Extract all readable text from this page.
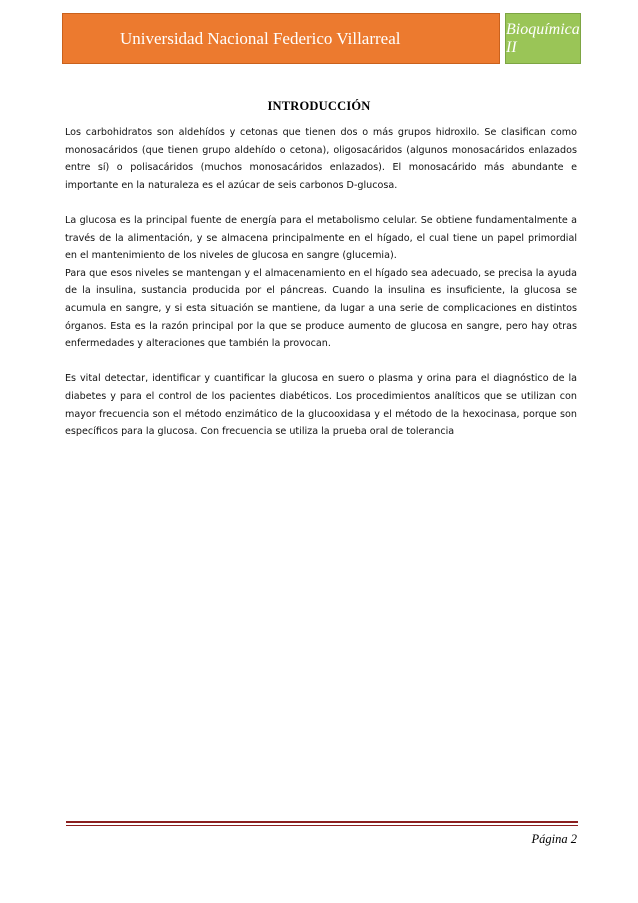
Universidad Nacional Federico Villarreal	Bioquímica II
INTRODUCCIÓN

Los carbohidratos son aldehídos y cetonas que tienen dos o más grupos hidroxilo. Se clasifican como monosacáridos (que tienen grupo aldehído o cetona), oligosacáridos (algunos monosacáridos enlazados entre sí) o polisacáridos (muchos monosacáridos enlazados). El monosacárido más abundante e importante en la naturaleza es el azúcar de seis carbonos D-glucosa.

La glucosa es la principal fuente de energía para el metabolismo celular. Se obtiene fundamentalmente a través de la alimentación, y se almacena principalmente en el hígado, el cual tiene un papel primordial en el mantenimiento de los niveles de glucosa en sangre (glucemia).

Para que esos niveles se mantengan y el almacenamiento en el hígado sea adecuado, se precisa la ayuda de la insulina, sustancia producida por el páncreas. Cuando la insulina es insuficiente, la glucosa se acumula en sangre, y si esta situación se mantiene, da lugar a una serie de complicaciones en distintos órganos. Esta es la razón principal por la que se produce aumento de glucosa en sangre, pero hay otras enfermedades y alteraciones que también la provocan.

Es vital detectar, identificar y cuantificar la glucosa en suero o plasma y orina para el diagnóstico de la diabetes y para el control de los pacientes diabéticos. Los procedimientos analíticos que se utilizan con mayor frecuencia son el método enzimático de la glucooxidasa y el método de la hexocinasa, porque son específicos para la glucosa. Con frecuencia se utiliza la prueba oral de tolerancia

Página 2
